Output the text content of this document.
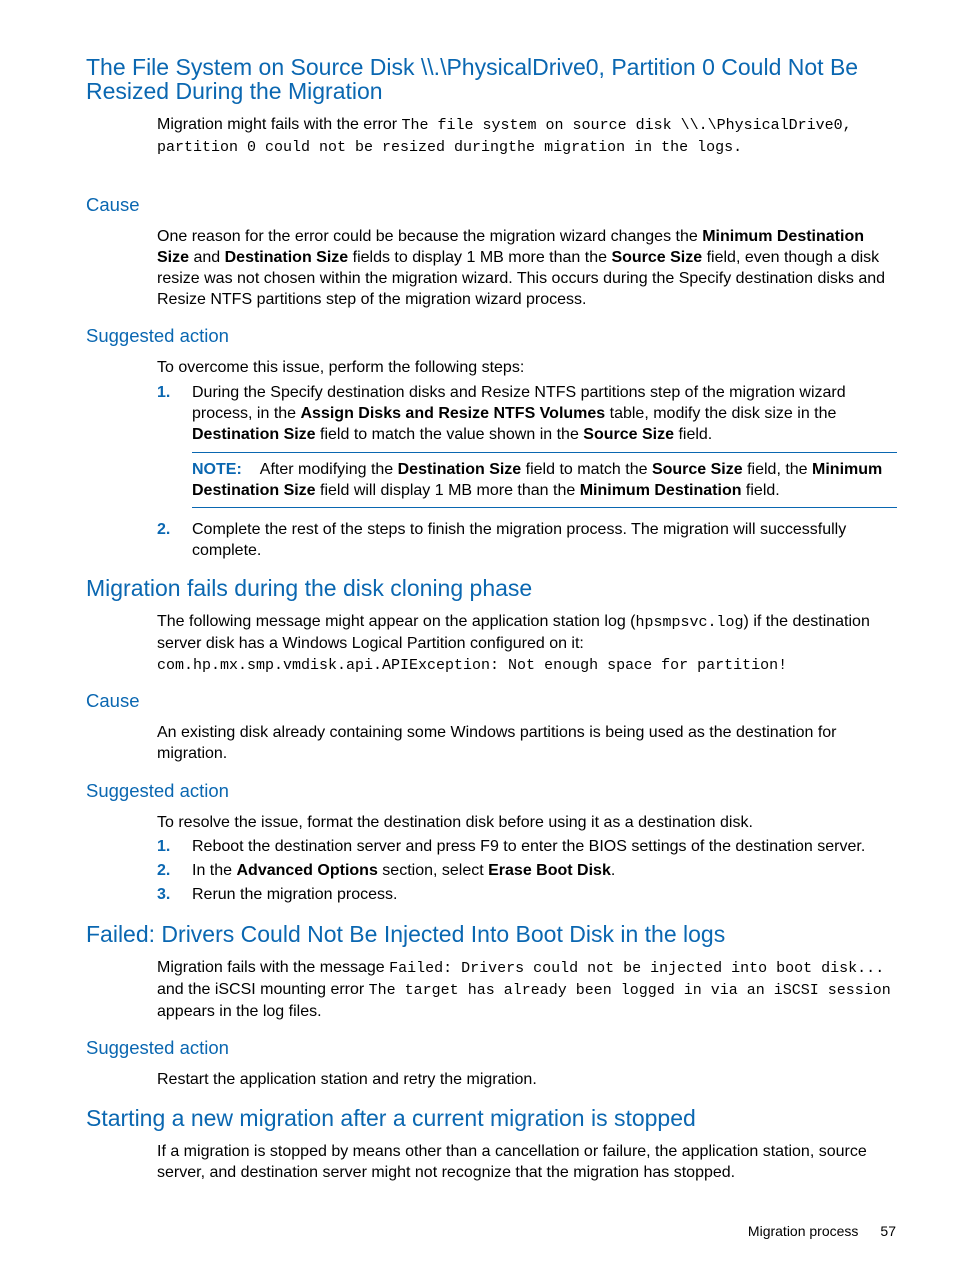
The File System on Source Disk \\.\PhysicalDrive0, Partition 0 Could Not Be Resized During the Migration
Migration might fails with the error The file system on source disk \\.\PhysicalDrive0, partition 0 could not be resized duringthe migration in the logs.
Cause
One reason for the error could be because the migration wizard changes the Minimum Destination Size and Destination Size fields to display 1 MB more than the Source Size field, even though a disk resize was not chosen within the migration wizard. This occurs during the Specify destination disks and Resize NTFS partitions step of the migration wizard process.
Suggested action
To overcome this issue, perform the following steps:
1. During the Specify destination disks and Resize NTFS partitions step of the migration wizard process, in the Assign Disks and Resize NTFS Volumes table, modify the disk size in the Destination Size field to match the value shown in the Source Size field.
NOTE: After modifying the Destination Size field to match the Source Size field, the Minimum Destination Size field will display 1 MB more than the Minimum Destination field.
2. Complete the rest of the steps to finish the migration process. The migration will successfully complete.
Migration fails during the disk cloning phase
The following message might appear on the application station log (hpsmpsvc.log) if the destination server disk has a Windows Logical Partition configured on it:
com.hp.mx.smp.vmdisk.api.APIException: Not enough space for partition!
Cause
An existing disk already containing some Windows partitions is being used as the destination for migration.
Suggested action
To resolve the issue, format the destination disk before using it as a destination disk.
1. Reboot the destination server and press F9 to enter the BIOS settings of the destination server.
2. In the Advanced Options section, select Erase Boot Disk.
3. Rerun the migration process.
Failed: Drivers Could Not Be Injected Into Boot Disk in the logs
Migration fails with the message Failed: Drivers could not be injected into boot disk... and the iSCSI mounting error The target has already been logged in via an iSCSI session appears in the log files.
Suggested action
Restart the application station and retry the migration.
Starting a new migration after a current migration is stopped
If a migration is stopped by means other than a cancellation or failure, the application station, source server, and destination server might not recognize that the migration has stopped.
Migration process 57
